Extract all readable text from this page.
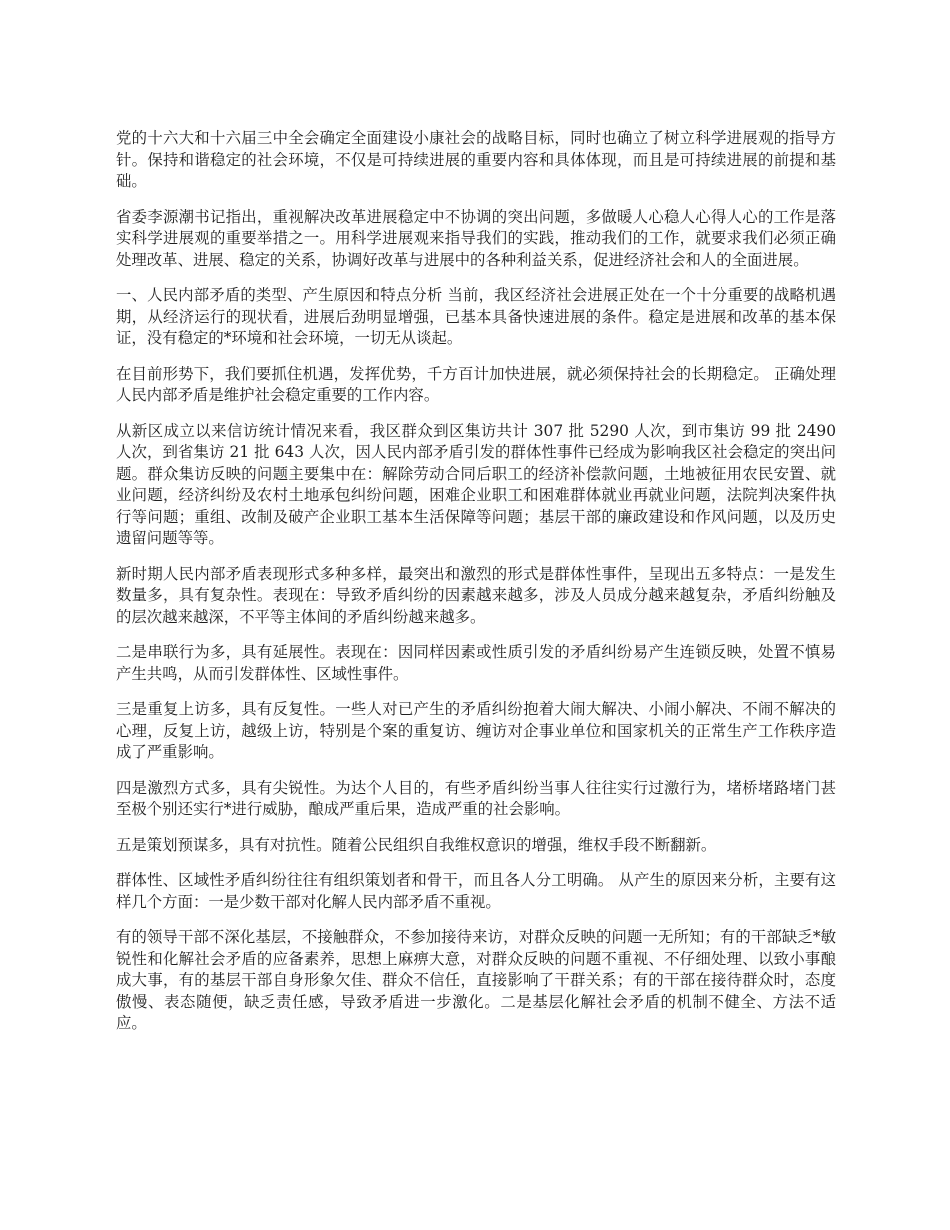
党的十六大和十六届三中全会确定全面建设小康社会的战略目标，同时也确立了树立科学进展观的指导方针。保持和谐稳定的社会环境，不仅是可持续进展的重要内容和具体体现，而且是可持续进展的前提和基础。

省委李源潮书记指出，重视解决改革进展稳定中不协调的突出问题，多做暖人心稳人心得人心的工作是落实科学进展观的重要举措之一。用科学进展观来指导我们的实践，推动我们的工作，就要求我们必须正确处理改革、进展、稳定的关系，协调好改革与进展中的各种利益关系，促进经济社会和人的全面进展。

一、人民内部矛盾的类型、产生原因和特点分析 当前，我区经济社会进展正处在一个十分重要的战略机遇期，从经济运行的现状看，进展后劲明显增强，已基本具备快速进展的条件。稳定是进展和改革的基本保证，没有稳定的*环境和社会环境，一切无从谈起。

在目前形势下，我们要抓住机遇，发挥优势，千方百计加快进展，就必须保持社会的长期稳定。 正确处理人民内部矛盾是维护社会稳定重要的工作内容。

从新区成立以来信访统计情况来看，我区群众到区集访共计 307 批 5290 人次，到市集访 99 批 2490 人次，到省集访 21 批 643 人次，因人民内部矛盾引发的群体性事件已经成为影响我区社会稳定的突出问题。群众集访反映的问题主要集中在：解除劳动合同后职工的经济补偿款问题，土地被征用农民安置、就业问题，经济纠纷及农村土地承包纠纷问题，困难企业职工和困难群体就业再就业问题，法院判决案件执行等问题；重组、改制及破产企业职工基本生活保障等问题；基层干部的廉政建设和作风问题，以及历史遗留问题等等。

新时期人民内部矛盾表现形式多种多样，最突出和激烈的形式是群体性事件，呈现出五多特点：一是发生数量多，具有复杂性。表现在：导致矛盾纠纷的因素越来越多，涉及人员成分越来越复杂，矛盾纠纷触及的层次越来越深，不平等主体间的矛盾纠纷越来越多。

二是串联行为多，具有延展性。表现在：因同样因素或性质引发的矛盾纠纷易产生连锁反映，处置不慎易产生共鸣，从而引发群体性、区域性事件。

三是重复上访多，具有反复性。一些人对已产生的矛盾纠纷抱着大闹大解决、小闹小解决、不闹不解决的心理，反复上访，越级上访，特别是个案的重复访、缠访对企事业单位和国家机关的正常生产工作秩序造成了严重影响。

四是激烈方式多，具有尖锐性。为达个人目的，有些矛盾纠纷当事人往往实行过激行为，堵桥堵路堵门甚至极个别还实行*进行威胁，酿成严重后果，造成严重的社会影响。

五是策划预谋多，具有对抗性。随着公民组织自我维权意识的增强，维权手段不断翻新。

群体性、区域性矛盾纠纷往往有组织策划者和骨干，而且各人分工明确。 从产生的原因来分析，主要有这样几个方面：一是少数干部对化解人民内部矛盾不重视。

有的领导干部不深化基层，不接触群众，不参加接待来访，对群众反映的问题一无所知；有的干部缺乏*敏锐性和化解社会矛盾的应备素养，思想上麻痹大意，对群众反映的问题不重视、不仔细处理、以致小事酿成大事，有的基层干部自身形象欠佳、群众不信任，直接影响了干群关系；有的干部在接待群众时，态度傲慢、表态随便，缺乏责任感，导致矛盾进一步激化。二是基层化解社会矛盾的机制不健全、方法不适应。
